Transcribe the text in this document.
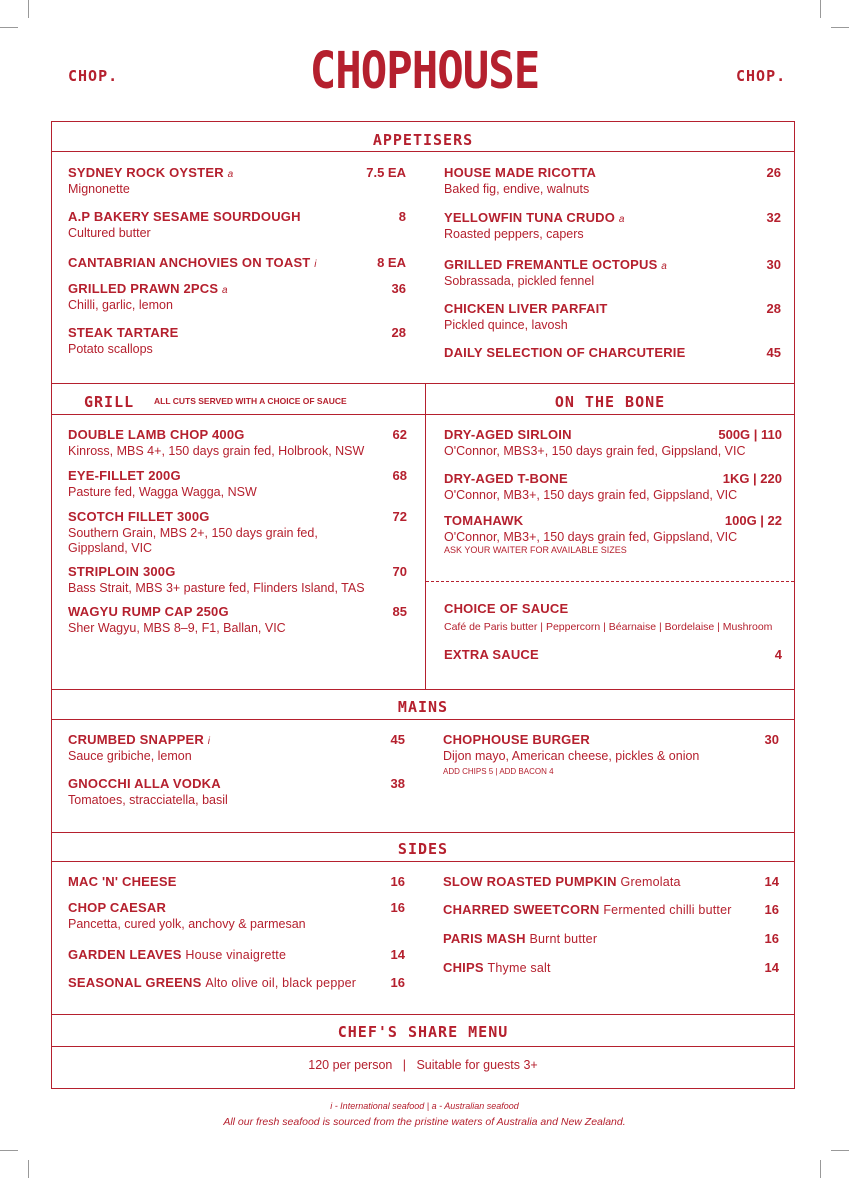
CHOP.	CHOPHOUSE	CHOP.
APPETISERS
SYDNEY ROCK OYSTER a
Mignonette
7.5 EA
A.P BAKERY SESAME SOURDOUGH
Cultured butter
8
CANTABRIAN ANCHOVIES ON TOAST i	8 EA
GRILLED PRAWN 2PCS a
Chilli, garlic, lemon
36
STEAK TARTARE
Potato scallops
28
HOUSE MADE RICOTTA
Baked fig, endive, walnuts
26
YELLOWFIN TUNA CRUDO a
Roasted peppers, capers
32
GRILLED FREMANTLE OCTOPUS a
Sobrassada, pickled fennel
30
CHICKEN LIVER PARFAIT
Pickled quince, lavosh
28
DAILY SELECTION OF CHARCUTERIE	45
GRILL ALL CUTS SERVED WITH A CHOICE OF SAUCE	ON THE BONE
DOUBLE LAMB CHOP 400G
Kinross, MBS 4+, 150 days grain fed, Holbrook, NSW
62
EYE-FILLET 200G
Pasture fed, Wagga Wagga, NSW
68
SCOTCH FILLET 300G
Southern Grain, MBS 2+, 150 days grain fed,
Gippsland, VIC
72
STRIPLOIN 300G
Bass Strait, MBS 3+ pasture fed, Flinders Island, TAS
70
WAGYU RUMP CAP 250G
Sher Wagyu, MBS 8–9, F1, Ballan, VIC
85
DRY-AGED SIRLOIN
O'Connor, MBS3+, 150 days grain fed, Gippsland, VIC
500G | 110
DRY-AGED T-BONE
O'Connor, MB3+, 150 days grain fed, Gippsland, VIC
1KG | 220
TOMAHAWK
O'Connor, MB3+, 150 days grain fed, Gippsland, VIC
ASK YOUR WAITER FOR AVAILABLE SIZES
100G | 22
CHOICE OF SAUCE
Café de Paris butter | Peppercorn | Béarnaise | Bordelaise | Mushroom
EXTRA SAUCE	4
MAINS
CRUMBED SNAPPER i
Sauce gribiche, lemon
45
GNOCCHI ALLA VODKA
Tomatoes, stracciatella, basil
38
CHOPHOUSE BURGER
Dijon mayo, American cheese, pickles & onion
ADD CHIPS 5 | ADD BACON 4
30
SIDES
MAC 'N' CHEESE	16
CHOP CAESAR
Pancetta, cured yolk, anchovy & parmesan
16
GARDEN LEAVES House vinaigrette	14
SEASONAL GREENS Alto olive oil, black pepper	16
SLOW ROASTED PUMPKIN Gremolata	14
CHARRED SWEETCORN Fermented chilli butter	16
PARIS MASH Burnt butter	16
CHIPS Thyme salt	14
CHEF'S SHARE MENU
120 per person   |   Suitable for guests 3+
i - International seafood | a - Australian seafood
All our fresh seafood is sourced from the pristine waters of Australia and New Zealand.
